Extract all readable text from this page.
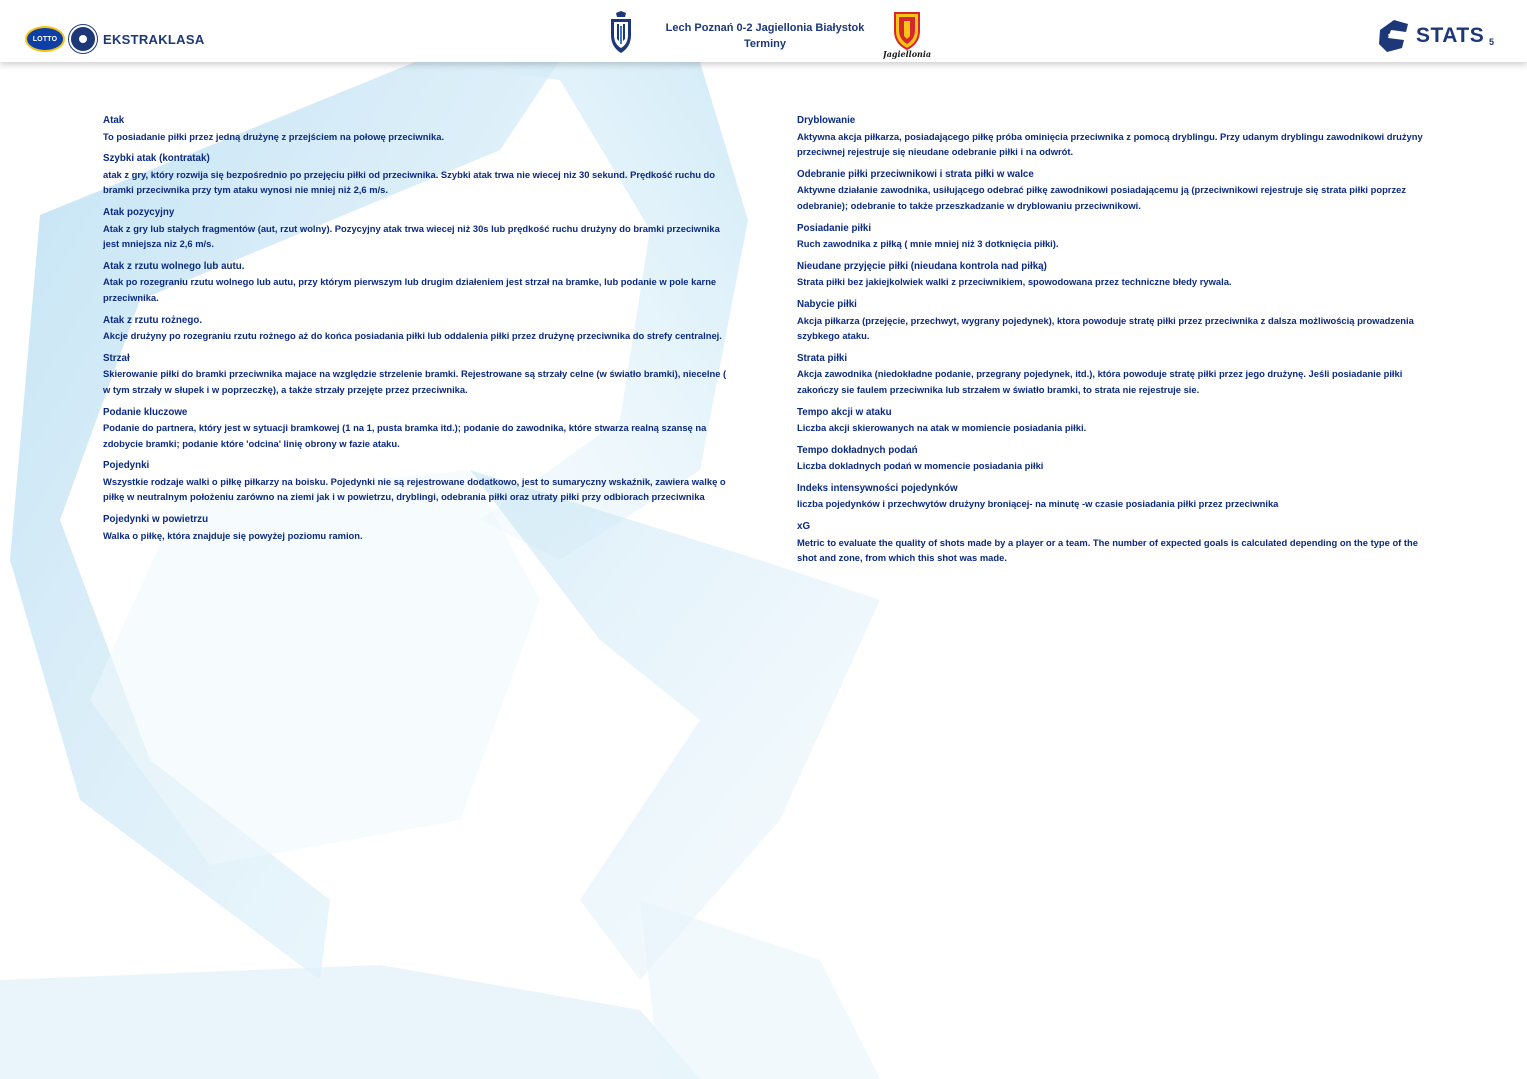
LOTTO	EKSTRAKLASA
Lech Poznań 0-2 Jagiellonia Białystok
Terminy
Jagiellonia
STATS 5
Atak
To posiadanie piłki przez jedną drużynę z przejściem na połowę przeciwnika.
Szybki atak (kontratak)
atak z gry, który rozwija się bezpośrednio po przejęciu piłki od przeciwnika. Szybki atak trwa nie wiecej niz 30 sekund. Prędkość ruchu do bramki przeciwnika przy tym ataku wynosi nie mniej niż 2,6 m/s.
Atak pozycyjny
Atak z gry lub stałych fragmentów (aut, rzut wolny). Pozycyjny atak trwa wiecej niż 30s lub prędkość ruchu drużyny do bramki przeciwnika jest mniejsza niz 2,6 m/s.
Atak z rzutu wolnego lub autu.
Atak po rozegraniu rzutu wolnego lub autu, przy którym pierwszym lub drugim działeniem jest strzał na bramke, lub podanie w pole karne przeciwnika.
Atak z rzutu rożnego.
Akcje drużyny po rozegraniu rzutu rożnego aż do końca posiadania piłki lub oddalenia piłki przez drużynę przeciwnika do strefy centralnej.
Strzał
Skierowanie piłki do bramki przeciwnika majace na względzie strzelenie bramki. Rejestrowane są strzały celne (w światło bramki), niecelne ( w tym strzały w słupek i w poprzeczkę), a także strzały przejęte przez przeciwnika.
Podanie kluczowe
Podanie do partnera, który jest w sytuacji bramkowej (1 na 1, pusta bramka itd.); podanie do zawodnika, które stwarza realną szansę na zdobycie bramki; podanie które 'odcina' linię obrony w fazie ataku.
Pojedynki
Wszystkie rodzaje walki o piłkę piłkarzy na boisku. Pojedynki nie są rejestrowane dodatkowo, jest to sumaryczny wskaźnik, zawiera walkę o piłkę w neutralnym położeniu zarówno na ziemi jak i w powietrzu, dryblingi, odebrania piłki oraz utraty piłki przy odbiorach przeciwnika
Pojedynki w powietrzu
Walka o piłkę, która znajduje się powyżej poziomu ramion.
Dryblowanie
Aktywna akcja piłkarza, posiadającego piłkę próba ominięcia przeciwnika z pomocą dryblingu. Przy udanym dryblingu zawodnikowi drużyny przeciwnej rejestruje się nieudane odebranie piłki i na odwrót.
Odebranie piłki przeciwnikowi i strata piłki w walce
Aktywne działanie zawodnika, usiłującego odebrać piłkę zawodnikowi posiadającemu ją (przeciwnikowi rejestruje się strata piłki poprzez odebranie); odebranie to także przeszkadzanie w dryblowaniu przeciwnikowi.
Posiadanie piłki
Ruch zawodnika z piłką ( mnie mniej niż 3 dotknięcia piłki).
Nieudane przyjęcie piłki (nieudana kontrola nad piłką)
Strata piłki bez jakiejkolwiek walki z przeciwnikiem, spowodowana przez techniczne błedy rywala.
Nabycie piłki
Akcja piłkarza (przejęcie, przechwyt, wygrany pojedynek), ktora powoduje stratę piłki przez przeciwnika z dalsza możliwością prowadzenia szybkego ataku.
Strata piłki
Akcja zawodnika (niedokładne podanie, przegrany pojedynek, itd.), która powoduje stratę piłki przez jego drużynę. Jeśli posiadanie piłki zakończy sie faulem przeciwnika lub strzałem w światło bramki, to strata nie rejestruje sie.
Tempo akcji w ataku
Liczba akcji skierowanych na atak w momiencie posiadania piłki.
Tempo dokładnych podań
Liczba dokladnych podań w momencie posiadania piłki
Indeks intensywności pojedynków
liczba pojedynków i przechwytów drużyny broniącej- na minutę -w czasie posiadania piłki przez przeciwnika
xG
Metric to evaluate the quality of shots made by a player or a team. The number of expected goals is calculated depending on the type of the shot and zone, from which this shot was made.
